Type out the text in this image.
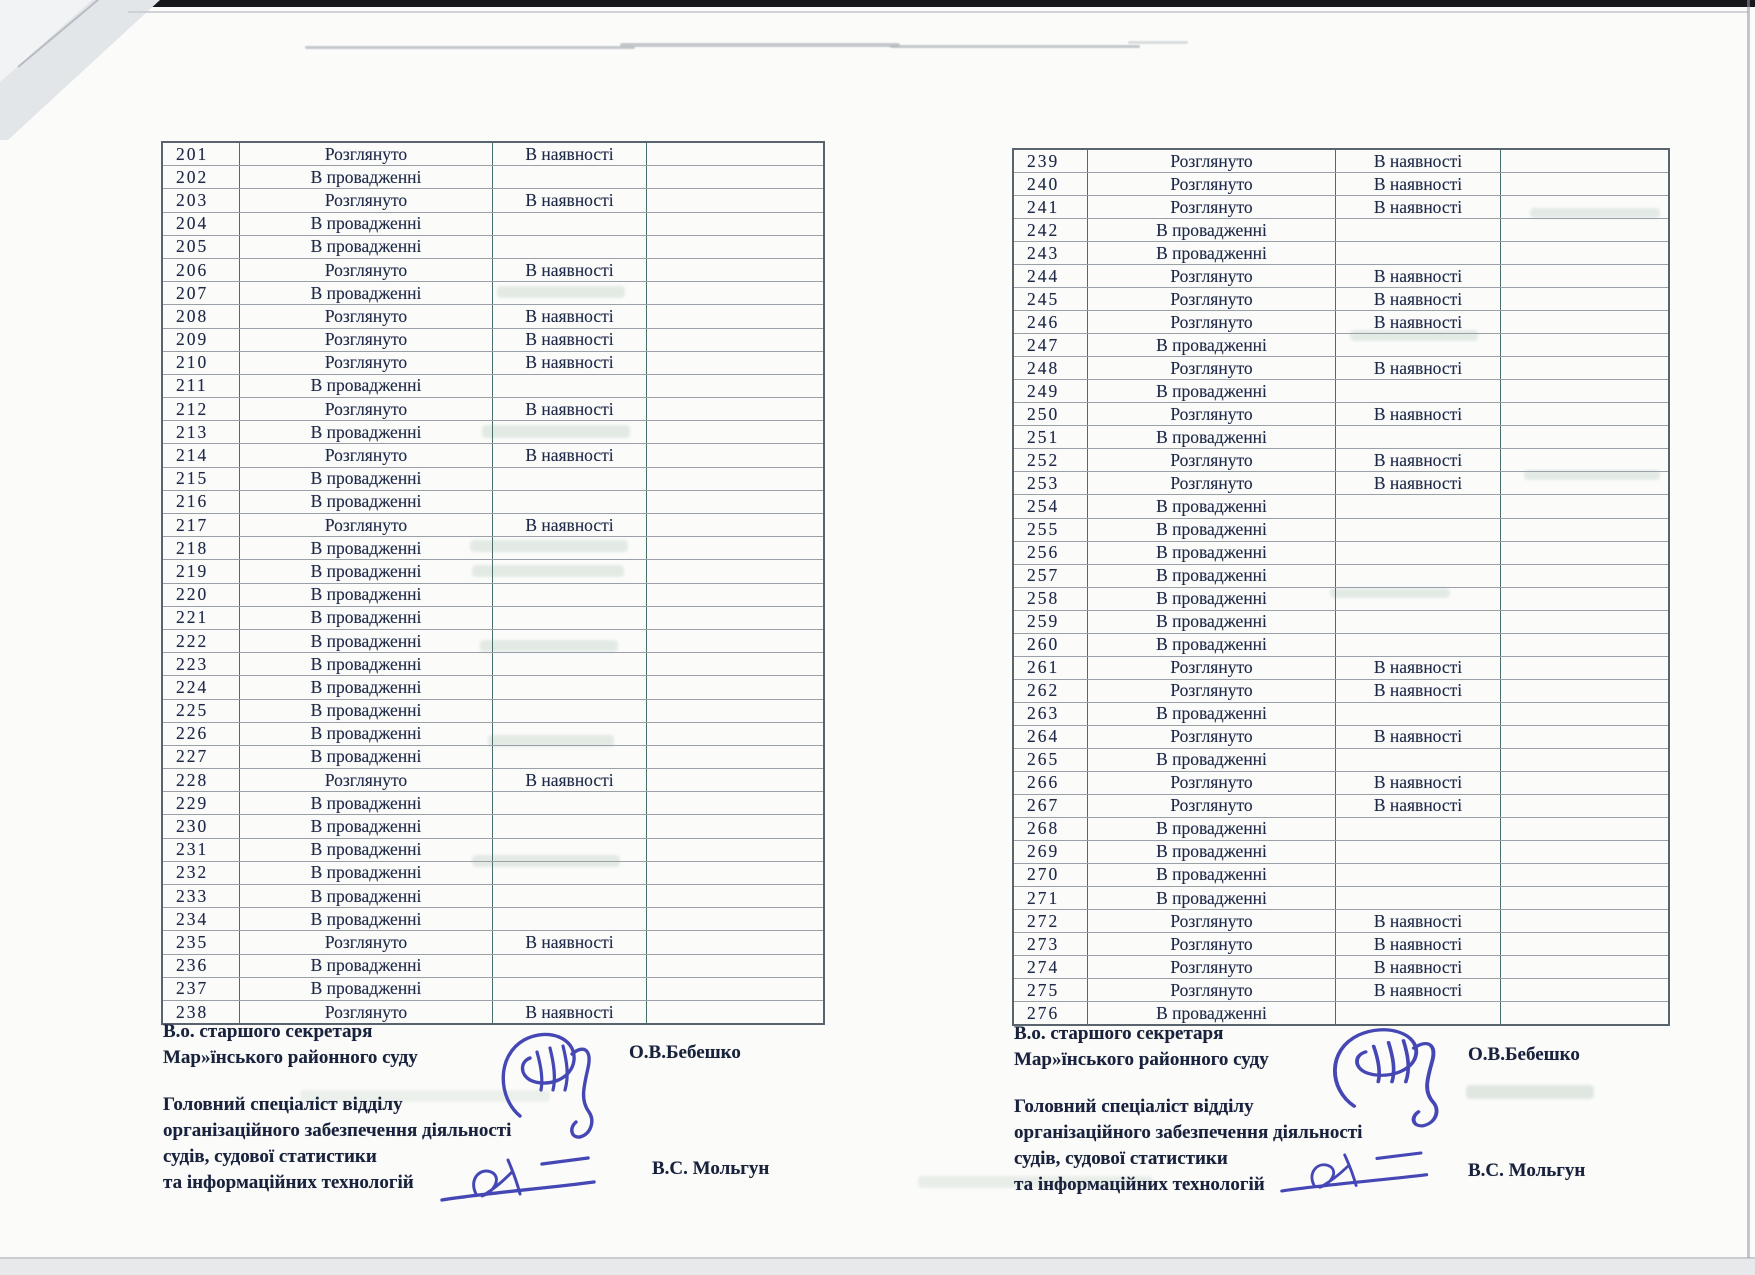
201	Розглянуто	В наявності
202	В провадженні
203	Розглянуто	В наявності
204	В провадженні
205	В провадженні
206	Розглянуто	В наявності
207	В провадженні
208	Розглянуто	В наявності
209	Розглянуто	В наявності
210	Розглянуто	В наявності
211	В провадженні
212	Розглянуто	В наявності
213	В провадженні
214	Розглянуто	В наявності
215	В провадженні
216	В провадженні
217	Розглянуто	В наявності
218	В провадженні
219	В провадженні
220	В провадженні
221	В провадженні
222	В провадженні
223	В провадженні
224	В провадженні
225	В провадженні
226	В провадженні
227	В провадженні
228	Розглянуто	В наявності
229	В провадженні
230	В провадженні
231	В провадженні
232	В провадженні
233	В провадженні
234	В провадженні
235	Розглянуто	В наявності
236	В провадженні
237	В провадженні
238	Розглянуто	В наявності
239	Розглянуто	В наявності
240	Розглянуто	В наявності
241	Розглянуто	В наявності
242	В провадженні
243	В провадженні
244	Розглянуто	В наявності
245	Розглянуто	В наявності
246	Розглянуто	В наявності
247	В провадженні
248	Розглянуто	В наявності
249	В провадженні
250	Розглянуто	В наявності
251	В провадженні
252	Розглянуто	В наявності
253	Розглянуто	В наявності
254	В провадженні
255	В провадженні
256	В провадженні
257	В провадженні
258	В провадженні
259	В провадженні
260	В провадженні
261	Розглянуто	В наявності
262	Розглянуто	В наявності
263	В провадженні
264	Розглянуто	В наявності
265	В провадженні
266	Розглянуто	В наявності
267	Розглянуто	В наявності
268	В провадженні
269	В провадженні
270	В провадженні
271	В провадженні
272	Розглянуто	В наявності
273	Розглянуто	В наявності
274	Розглянуто	В наявності
275	Розглянуто	В наявності
276	В провадженні

В.о. старшого секретаря

Мар»їнського районного суду

Головний спеціаліст відділу

організаційного забезпечення діяльності

судів, судової статистики

та інформаційних технологій

О.В.Бебешко
В.С. Мольгун

В.о. старшого секретаря

Мар»їнського районного суду

Головний спеціаліст відділу

організаційного забезпечення діяльності

судів, судової статистики

та інформаційних технологій

О.В.Бебешко
В.С. Мольгун
